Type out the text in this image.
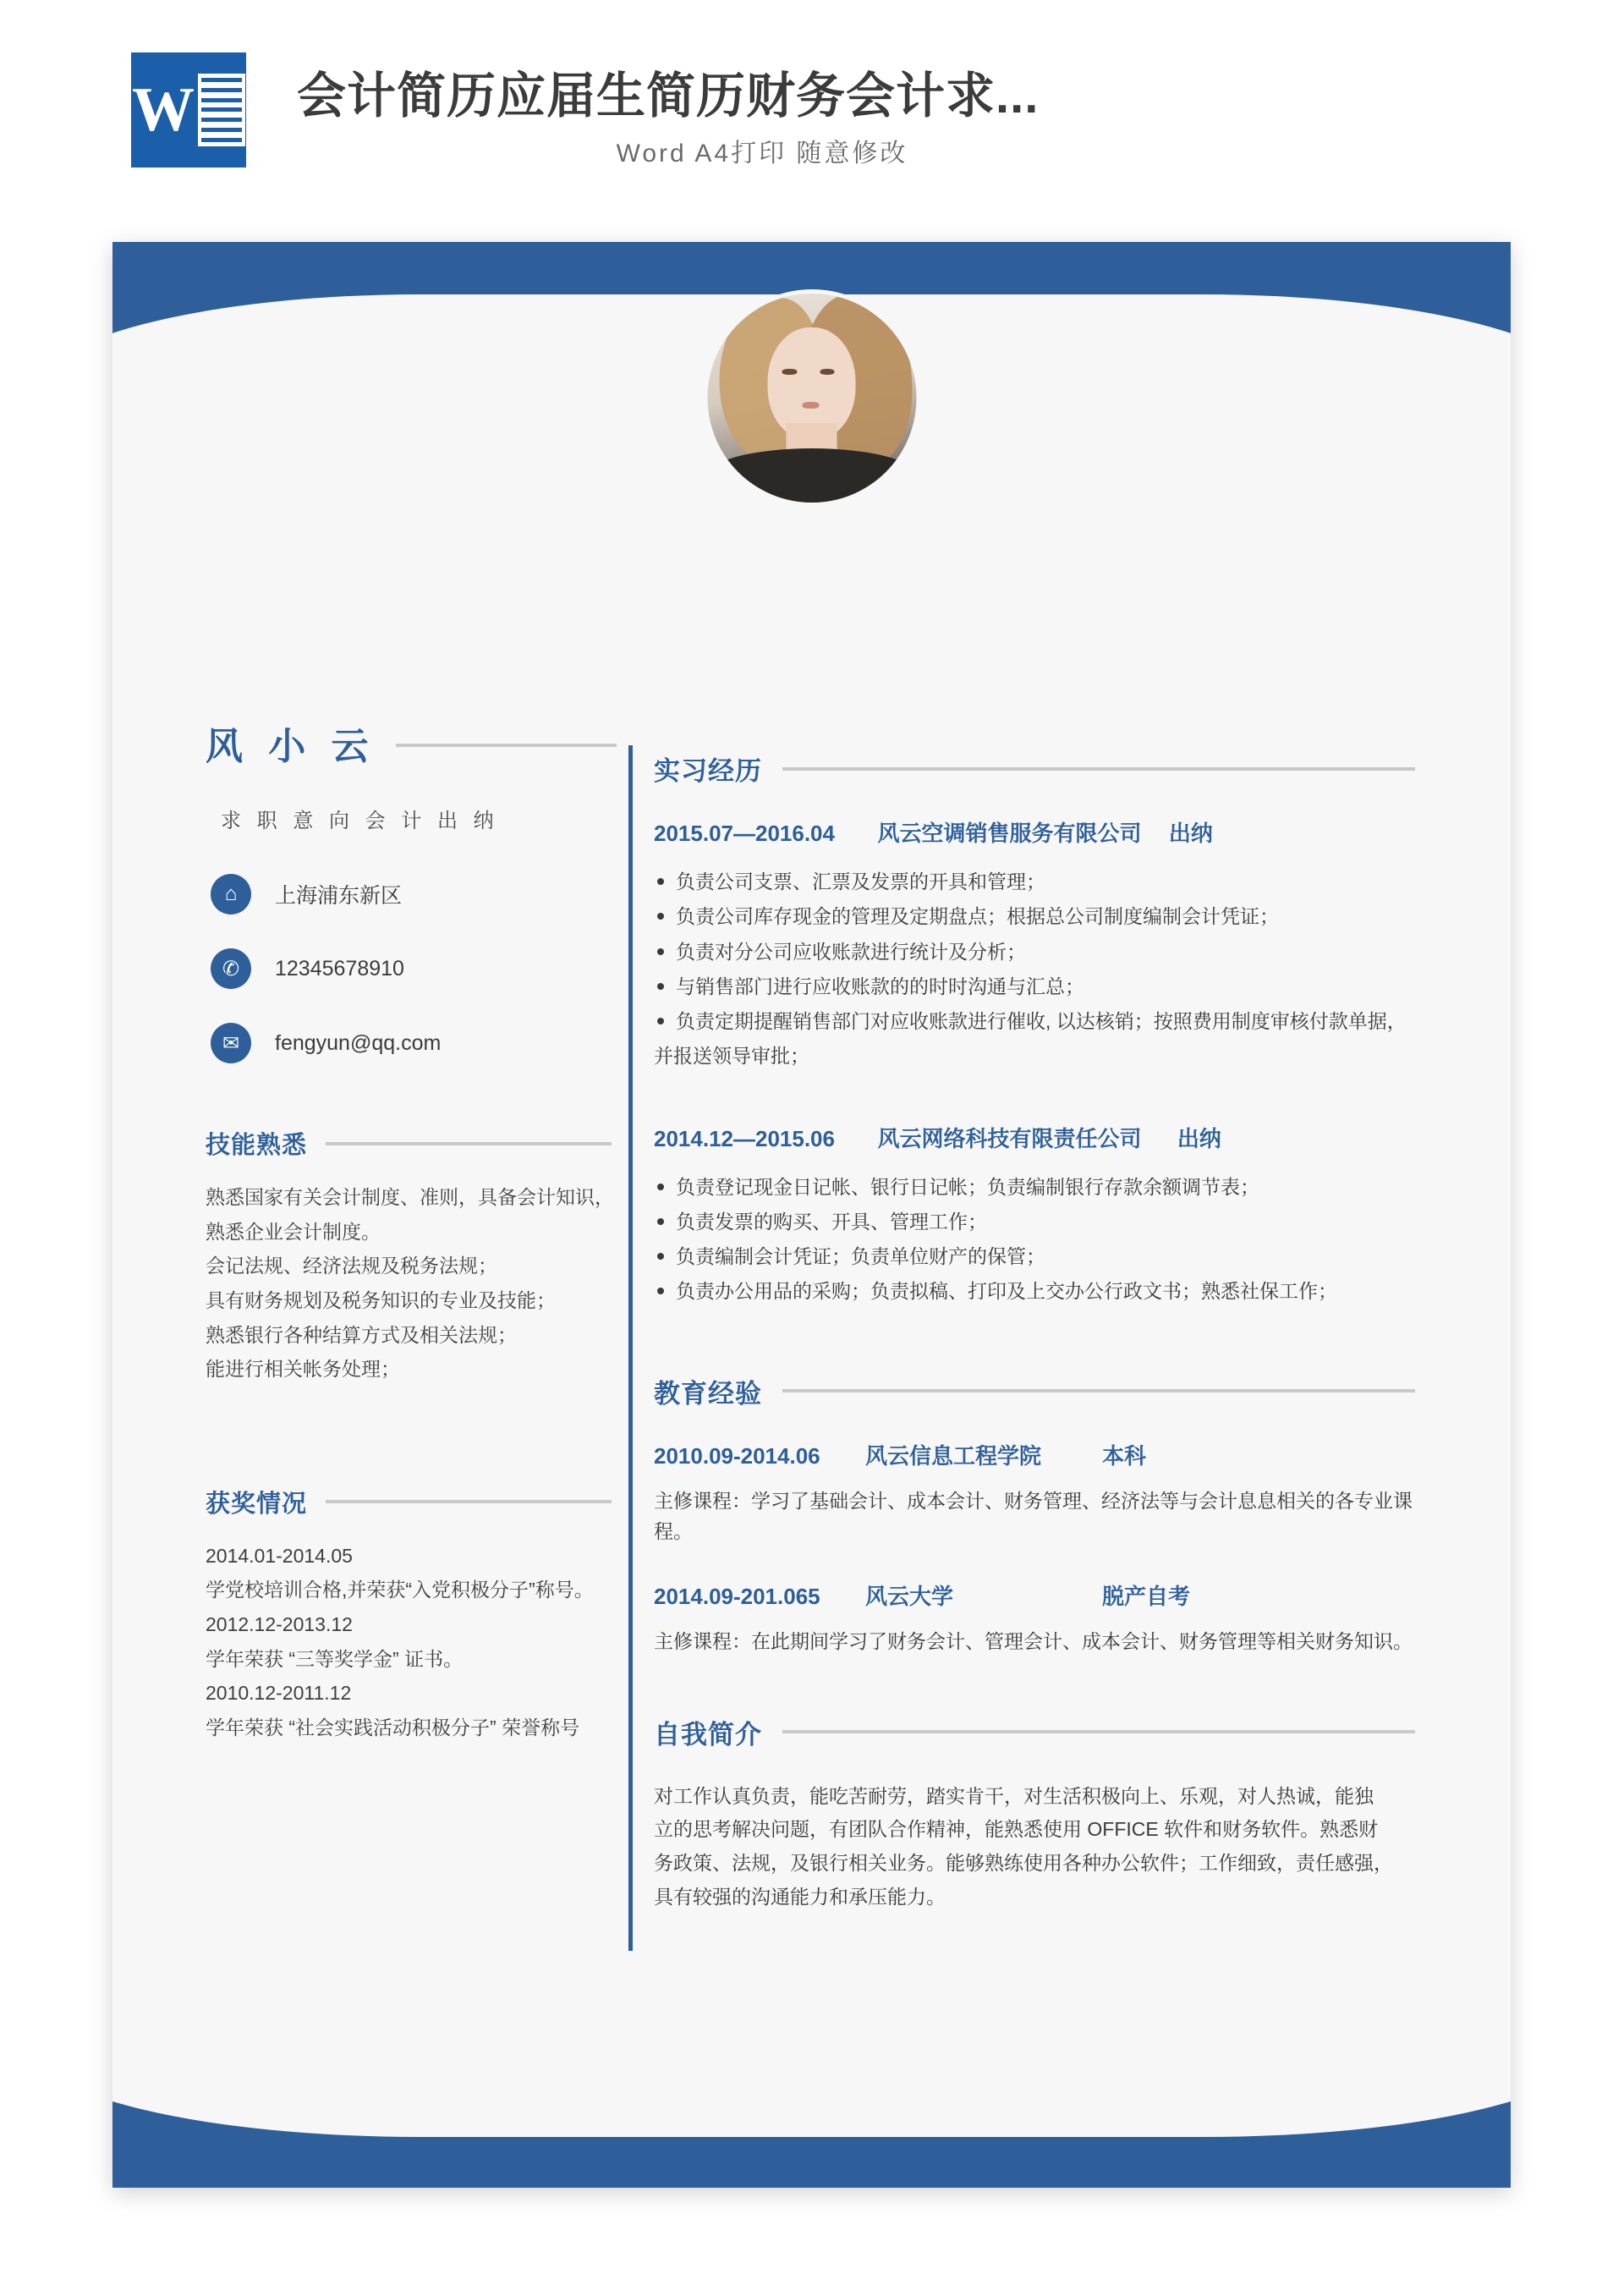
W 会计简历应届生简历财务会计求...
Word A4打印 随意修改
风 小 云
求 职 意 向 会 计 出 纳
⌂	上海浦东新区
✆	12345678910
✉	fengyun@qq.com
技能熟悉

熟悉国家有关会计制度、准则，具备会计知识，

熟悉企业会计制度。

会记法规、经济法规及税务法规；

具有财务规划及税务知识的专业及技能；

熟悉银行各种结算方式及相关法规；

能进行相关帐务处理；

获奖情况

2014.01-2014.05

学党校培训合格,并荣获“入党积极分子”称号。

2012.12-2013.12

学年荣获 “三等奖学金” 证书。

2010.12-2011.12

学年荣获 “社会实践活动积极分子” 荣誉称号

实习经历
2015.07—2016.04 风云空调销售服务有限公司 出纳
负责公司支票、汇票及发票的开具和管理；
负责公司库存现金的管理及定期盘点；根据总公司制度编制会计凭证；
负责对分公司应收账款进行统计及分析；
与销售部门进行应收账款的的时时沟通与汇总；
负责定期提醒销售部门对应收账款进行催收, 以达核销；按照费用制度审核付款单据，
并报送领导审批；
2014.12—2015.06 风云网络科技有限责任公司 出纳
负责登记现金日记帐、银行日记帐；负责编制银行存款余额调节表；
负责发票的购买、开具、管理工作；
负责编制会计凭证；负责单位财产的保管；
负责办公用品的采购；负责拟稿、打印及上交办公行政文书；熟悉社保工作；
教育经验
2010.09-2014.06	风云信息工程学院	本科

主修课程：学习了基础会计、成本会计、财务管理、经济法等与会计息息相关的各专业课程。

2014.09-201.065	风云大学	脱产自考

主修课程：在此期间学习了财务会计、管理会计、成本会计、财务管理等相关财务知识。

自我简介

对工作认真负责，能吃苦耐劳，踏实肯干，对生活积极向上、乐观，对人热诚，能独

立的思考解决问题，有团队合作精神，能熟悉使用 OFFICE 软件和财务软件。熟悉财

务政策、法规，及银行相关业务。能够熟练使用各种办公软件；工作细致，责任感强，

具有较强的沟通能力和承压能力。
